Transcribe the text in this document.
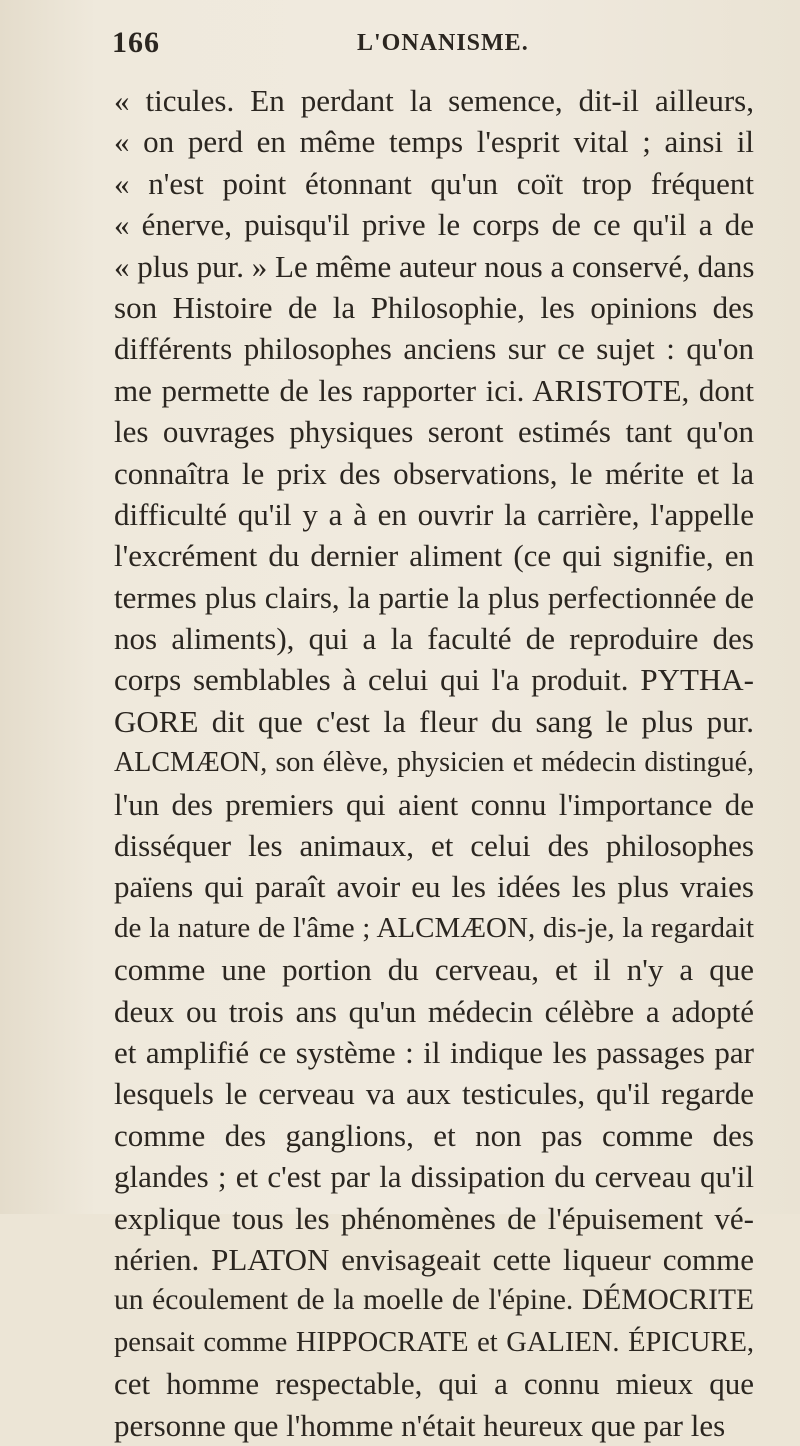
166	L'ONANISME.
« ticules. En perdant la semence, dit-il ailleurs,
« on perd en même temps l'esprit vital ; ainsi il
« n'est point étonnant qu'un coït trop fréquent
« énerve, puisqu'il prive le corps de ce qu'il a de
« plus pur. » Le même auteur nous a conservé, dans
son Histoire de la Philosophie, les opinions des
différents philosophes anciens sur ce sujet : qu'on
me permette de les rapporter ici. ARISTOTE, dont
les ouvrages physiques seront estimés tant qu'on
connaîtra le prix des observations, le mérite et la
difficulté qu'il y a à en ouvrir la carrière, l'appelle
l'excrément du dernier aliment (ce qui signifie, en
termes plus clairs, la partie la plus perfectionnée de
nos aliments), qui a la faculté de reproduire des
corps semblables à celui qui l'a produit. PYTHA-
GORE dit que c'est la fleur du sang le plus pur.
ALCMÆON, son élève, physicien et médecin distingué,
l'un des premiers qui aient connu l'importance de
disséquer les animaux, et celui des philosophes
païens qui paraît avoir eu les idées les plus vraies
de la nature de l'âme ; ALCMÆON, dis-je, la regardait
comme une portion du cerveau, et il n'y a que
deux ou trois ans qu'un médecin célèbre a adopté
et amplifié ce système : il indique les passages par
lesquels le cerveau va aux testicules, qu'il regarde
comme des ganglions, et non pas comme des
glandes ; et c'est par la dissipation du cerveau qu'il
explique tous les phénomènes de l'épuisement vé-
nérien. PLATON envisageait cette liqueur comme
un écoulement de la moelle de l'épine. DÉMOCRITE
pensait comme HIPPOCRATE et GALIEN. ÉPICURE,
cet homme respectable, qui a connu mieux que
personne que l'homme n'était heureux que par les
